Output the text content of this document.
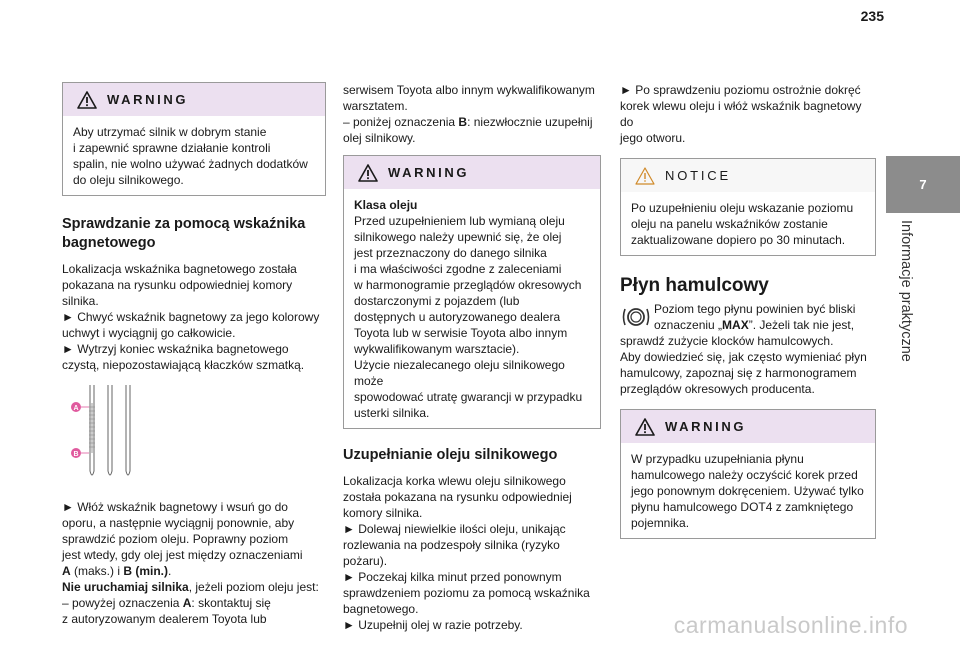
235
WARNING
Aby utrzymać silnik w dobrym stanie
i zapewnić sprawne działanie kontroli
spalin, nie wolno używać żadnych dodatków
do oleju silnikowego.
Sprawdzanie za pomocą wskaźnika
bagnetowego

Lokalizacja wskaźnika bagnetowego została
pokazana na rysunku odpowiedniej komory
silnika.
► Chwyć wskaźnik bagnetowy za jego kolorowy
uchwyt i wyciągnij go całkowicie.
► Wytrzyj koniec wskaźnika bagnetowego
czystą, niepozostawiającą kłaczków szmatką.

A
B

► Włóż wskaźnik bagnetowy i wsuń go do
oporu, a następnie wyciągnij ponownie, aby
sprawdzić poziom oleju. Poprawny poziom
jest wtedy, gdy olej jest między oznaczeniami
A (maks.) i B (min.).
Nie uruchamiaj silnika, jeżeli poziom oleju jest:
– powyżej oznaczenia A: skontaktuj się
z autoryzowanym dealerem Toyota lub

serwisem Toyota albo innym wykwalifikowanym
warsztatem.
– poniżej oznaczenia B: niezwłocznie uzupełnij
olej silnikowy.

WARNING
Klasa oleju
Przed uzupełnieniem lub wymianą oleju
silnikowego należy upewnić się, że olej
jest przeznaczony do danego silnika
i ma właściwości zgodne z zaleceniami
w harmonogramie przeglądów okresowych
dostarczonymi z pojazdem (lub
dostępnych u autoryzowanego dealera
Toyota lub w serwisie Toyota albo innym
wykwalifikowanym warsztacie).
Użycie niezalecanego oleju silnikowego może
spowodować utratę gwarancji w przypadku
usterki silnika.
Uzupełnianie oleju silnikowego

Lokalizacja korka wlewu oleju silnikowego
została pokazana na rysunku odpowiedniej
komory silnika.
► Dolewaj niewielkie ilości oleju, unikając
rozlewania na podzespoły silnika (ryzyko
pożaru).
► Poczekaj kilka minut przed ponownym
sprawdzeniem poziomu za pomocą wskaźnika
bagnetowego.
► Uzupełnij olej w razie potrzeby.

► Po sprawdzeniu poziomu ostrożnie dokręć
korek wlewu oleju i włóż wskaźnik bagnetowy do
jego otworu.

NOTICE
Po uzupełnieniu oleju wskazanie poziomu
oleju na panelu wskaźników zostanie
zaktualizowane dopiero po 30 minutach.
Płyn hamulcowy

Poziom tego płynu powinien być bliski
oznaczeniu „MAX”. Jeżeli tak nie jest,
sprawdź zużycie klocków hamulcowych.
Aby dowiedzieć się, jak często wymieniać płyn
hamulcowy, zapoznaj się z harmonogramem
przeglądów okresowych producenta.

WARNING
W przypadku uzupełniania płynu
hamulcowego należy oczyścić korek przed
jego ponownym dokręceniem. Używać tylko
płynu hamulcowego DOT4 z zamkniętego
pojemnika.
7
Informacje praktyczne
carmanualsonline.info
